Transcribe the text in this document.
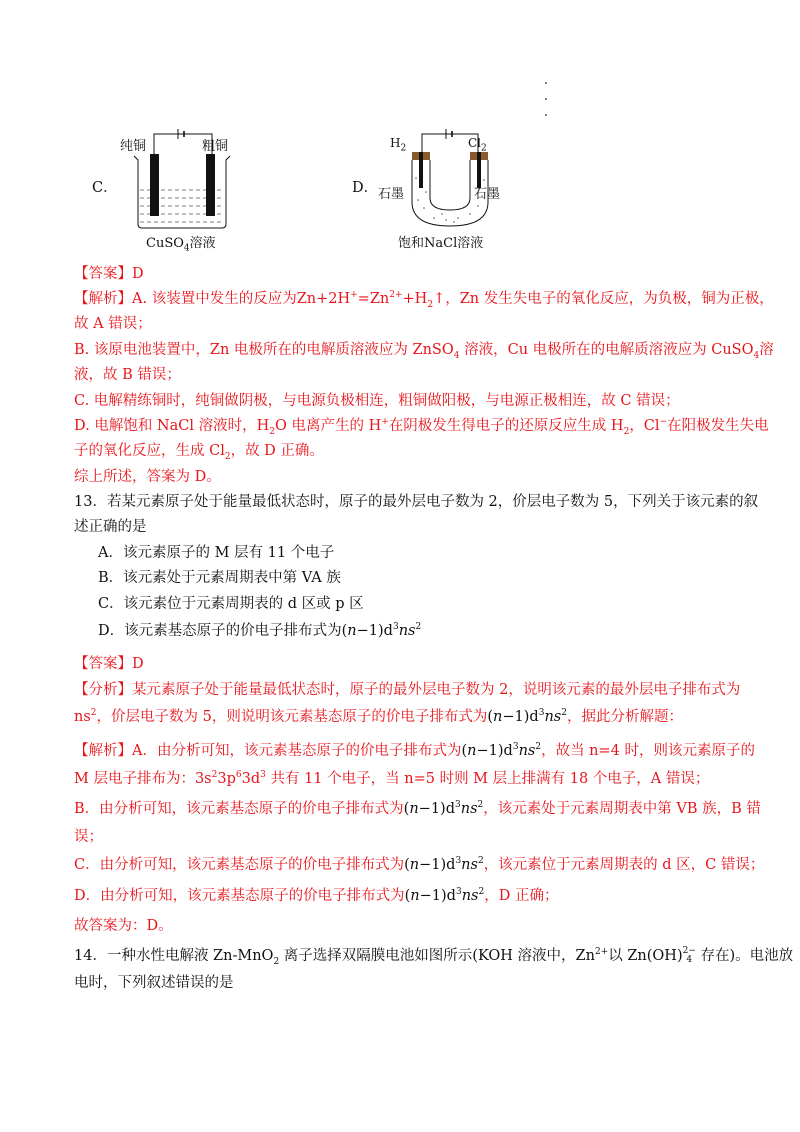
C．
纯铜	粗铜
CuSO$_4$溶液
D．
$H_2$	$Cl_2$
石墨	石墨
饱和NaCl溶液
【答案】D
【解析】A. 该装置中发生的反应为$Zn+2H^+=Zn^{2+}+H_2↑$，Zn 发生失电子的氧化反应，为负极，铜为正极，
故 A 错误；
B. 该原电池装置中，Zn 电极所在的电解质溶液应为 ZnSO$_4$ 溶液，Cu 电极所在的电解质溶液应为 CuSO$_4$溶
液，故 B 错误；
C. 电解精练铜时，纯铜做阴极，与电源负极相连，粗铜做阳极，与电源正极相连，故 C 错误；
D. 电解饱和 NaCl 溶液时，$H_2O$ 电离产生的 H+在阴极发生得电子的还原反应生成 $H_2$，Cl−在阳极发生失电
子的氧化反应，生成 $Cl_2$，故 D 正确。
综上所述，答案为 D。
13．若某元素原子处于能量最低状态时，原子的最外层电子数为 2，价层电子数为 5，下列关于该元素的叙
述正确的是
A．该元素原子的 M 层有 11 个电子
B．该元素处于元素周期表中第 VA 族
C．该元素位于元素周期表的 d 区或 p 区
D．该元素基态原子的价电子排布式为$(n-1)d^3ns^2$
【答案】D
【分析】某元素原子处于能量最低状态时，原子的最外层电子数为 2，说明该元素的最外层电子排布式为
$ns^2$，价层电子数为 5，则说明该元素基态原子的价电子排布式为$(n-1)d^3ns^2$，据此分析解题：
【解析】A．由分析可知，该元素基态原子的价电子排布式为$(n-1)d^3ns^2$，故当 n=4 时，则该元素原子的
M 层电子排布为：$3s^23p^63d^3$ 共有 11 个电子，当 n=5 时则 M 层上排满有 18 个电子，A 错误；
B．由分析可知，该元素基态原子的价电子排布式为$(n-1)d^3ns^2$，该元素处于元素周期表中第 VB 族，B 错
误；
C．由分析可知，该元素基态原子的价电子排布式为$(n-1)d^3ns^2$，该元素位于元素周期表的 d 区，C 错误；
D．由分析可知，该元素基态原子的价电子排布式为$(n-1)d^3ns^2$，D 正确；
故答案为：D。
14．一种水性电解液 Zn-MnO$_2$ 离子选择双隔膜电池如图所示(KOH 溶液中，$Zn^{2+}$以 Zn(OH)2−
4 存在)。电池放
电时，下列叙述错误的是
